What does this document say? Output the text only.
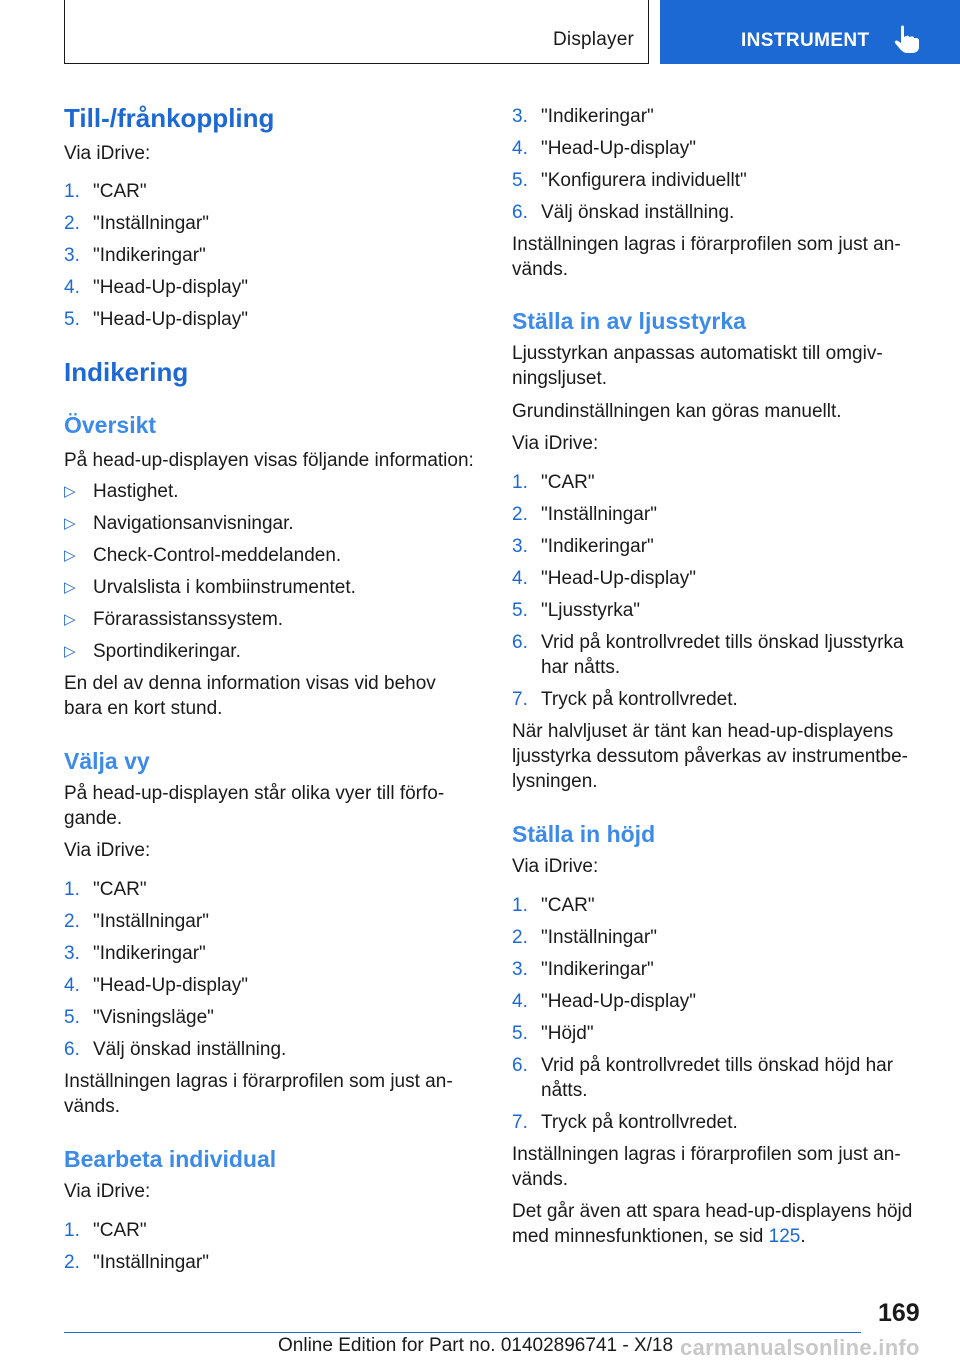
Displayer	INSTRUMENT
Till-/frånkoppling
Via iDrive:
1. "CAR"
2. "Inställningar"
3. "Indikeringar"
4. "Head-Up-display"
5. "Head-Up-display"
Indikering
Översikt
På head-up-displayen visas följande information:
▷ Hastighet.
▷ Navigationsanvisningar.
▷ Check-Control-meddelanden.
▷ Urvalslista i kombiinstrumentet.
▷ Förarassistanssystem.
▷ Sportindikeringar.
En del av denna information visas vid behov bara en kort stund.
Välja vy
På head-up-displayen står olika vyer till förfogande.
Via iDrive:
1. "CAR"
2. "Inställningar"
3. "Indikeringar"
4. "Head-Up-display"
5. "Visningsläge"
6. Välj önskad inställning.
Inställningen lagras i förarprofilen som just används.
Bearbeta individual
Via iDrive:
1. "CAR"
2. "Inställningar"
3. "Indikeringar"
4. "Head-Up-display"
5. "Konfigurera individuellt"
6. Välj önskad inställning.
Inställningen lagras i förarprofilen som just används.
Ställa in av ljusstyrka
Ljusstyrkan anpassas automatiskt till omgivningsljuset.
Grundinställningen kan göras manuellt.
Via iDrive:
1. "CAR"
2. "Inställningar"
3. "Indikeringar"
4. "Head-Up-display"
5. "Ljusstyrka"
6. Vrid på kontrollvredet tills önskad ljusstyrka har nåtts.
7. Tryck på kontrollvredet.
När halvljuset är tänt kan head-up-displayens ljusstyrka dessutom påverkas av instrumentbelysningen.
Ställa in höjd
Via iDrive:
1. "CAR"
2. "Inställningar"
3. "Indikeringar"
4. "Head-Up-display"
5. "Höjd"
6. Vrid på kontrollvredet tills önskad höjd har nåtts.
7. Tryck på kontrollvredet.
Inställningen lagras i förarprofilen som just används.
Det går även att spara head-up-displayens höjd med minnesfunktionen, se sid 125.
169
Online Edition for Part no. 01402896741 - X/18 carmanualsonline.info
